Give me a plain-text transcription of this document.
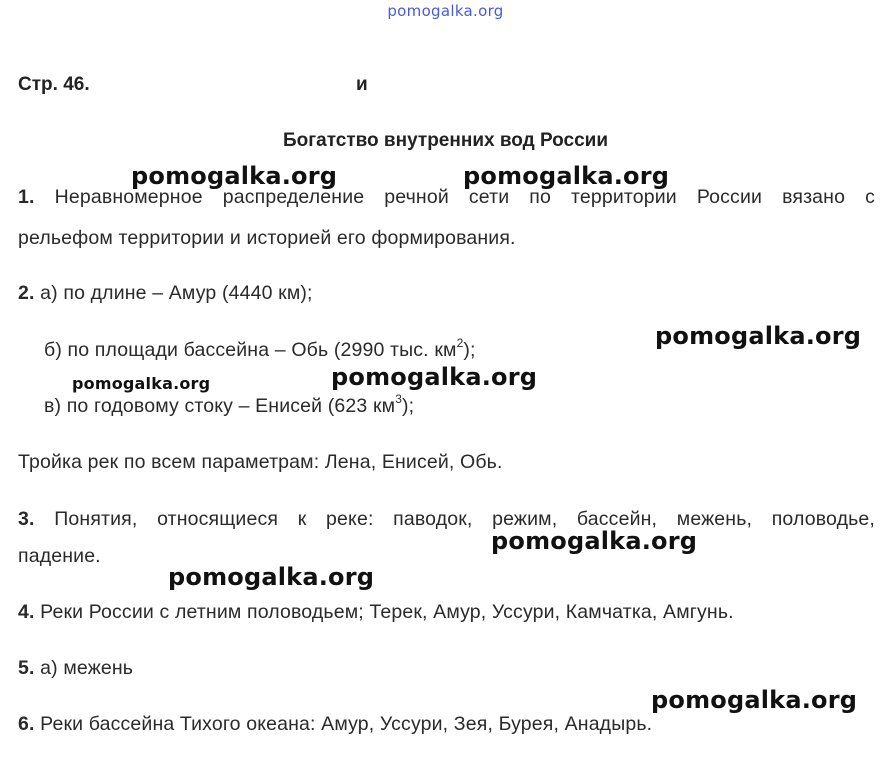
pomogalka.org
Стр. 46.	и
Богатство внутренних вод России
1. Неравномерное распределение речной сети по территории России вязано с
рельефом территории и историей его формирования.
2. а) по длине – Амур (4440 км);
б) по площади бассейна – Обь (2990 тыс. $км^2$);
в) по годовому стоку – Енисей (623 $км^3$);
Тройка рек по всем параметрам: Лена, Енисей, Обь.
3. Понятия, относящиеся к реке: паводок, режим, бассейн, межень, половодье,
падение.
4. Реки России с летним половодьем; Терек, Амур, Уссури, Камчатка, Амгунь.
5. а) межень
6. Реки бассейна Тихого океана: Амур, Уссури, Зея, Бурея, Анадырь.
pomogalka.org	pomogalka.org
pomogalka.org
pomogalka.org
pomogalka.org
pomogalka.org
pomogalka.org
pomogalka.org
